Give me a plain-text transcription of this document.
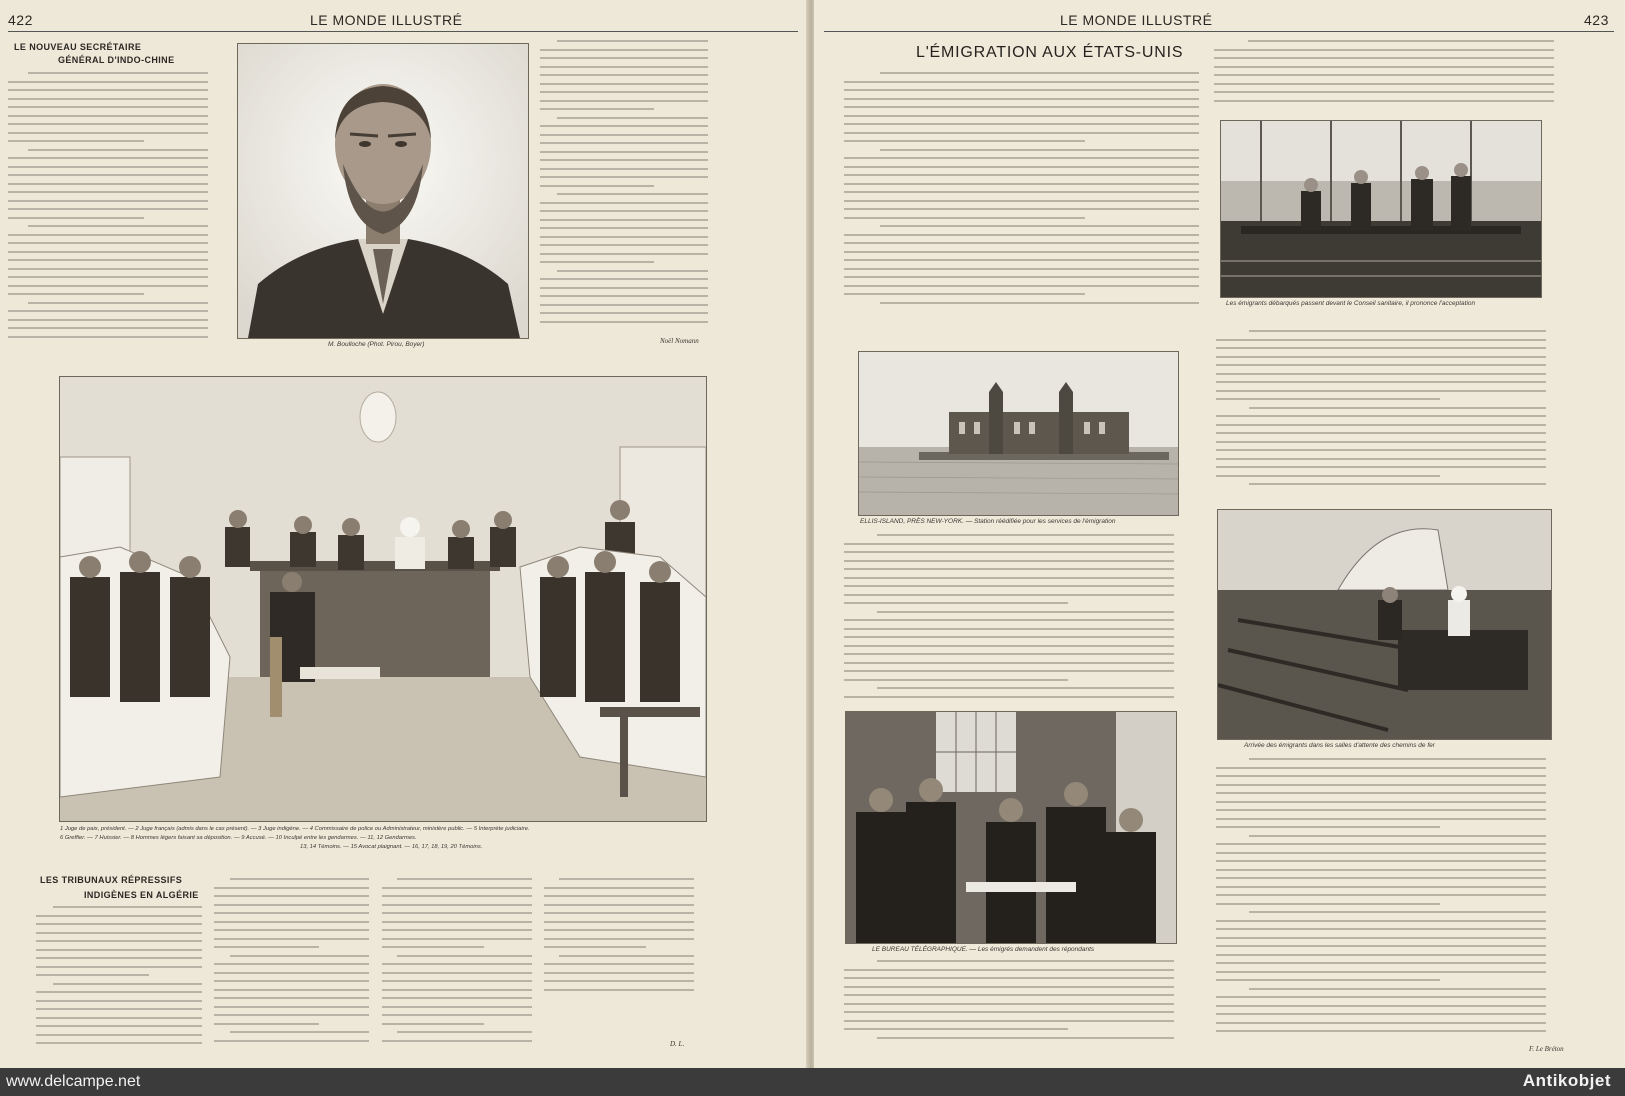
422	LE MONDE ILLUSTRÉ
LE NOUVEAU SECRÉTAIRE
GÉNÉRAL D'INDO-CHINE
M. Boulloche (Phot. Pirou, Boyer)	Noël Nomann
1 Juge de paix, président. — 2 Juge français (admis dans le cas présent). — 3 Juge indigène. — 4 Commissaire de police ou Administrateur, ministère public. — 5 Interprète judiciaire.
6 Greffier. — 7 Huissier. — 8 Hommes légers faisant sa déposition. — 9 Accusé. — 10 Inculpé entre les gendarmes. — 11, 12 Gendarmes.
13, 14 Témoins. — 15 Avocat plaignant. — 16, 17, 18, 19, 20 Témoins.
LES TRIBUNAUX RÉPRESSIFS
INDIGÈNES EN ALGÉRIE
D. L.
LE MONDE ILLUSTRÉ	423
L'ÉMIGRATION AUX ÉTATS-UNIS
Les émigrants débarqués passent devant le Conseil sanitaire, il prononce l'acceptation
ELLIS-ISLAND, PRÈS NEW-YORK. — Station réédifiée pour les services de l'émigration
Arrivée des émigrants dans les salles d'attente des chemins de fer
LE BUREAU TÉLÉGRAPHIQUE. — Les émigrés demandent des répondants
F. Le Bréton
www.delcampe.net	Antikobjet
